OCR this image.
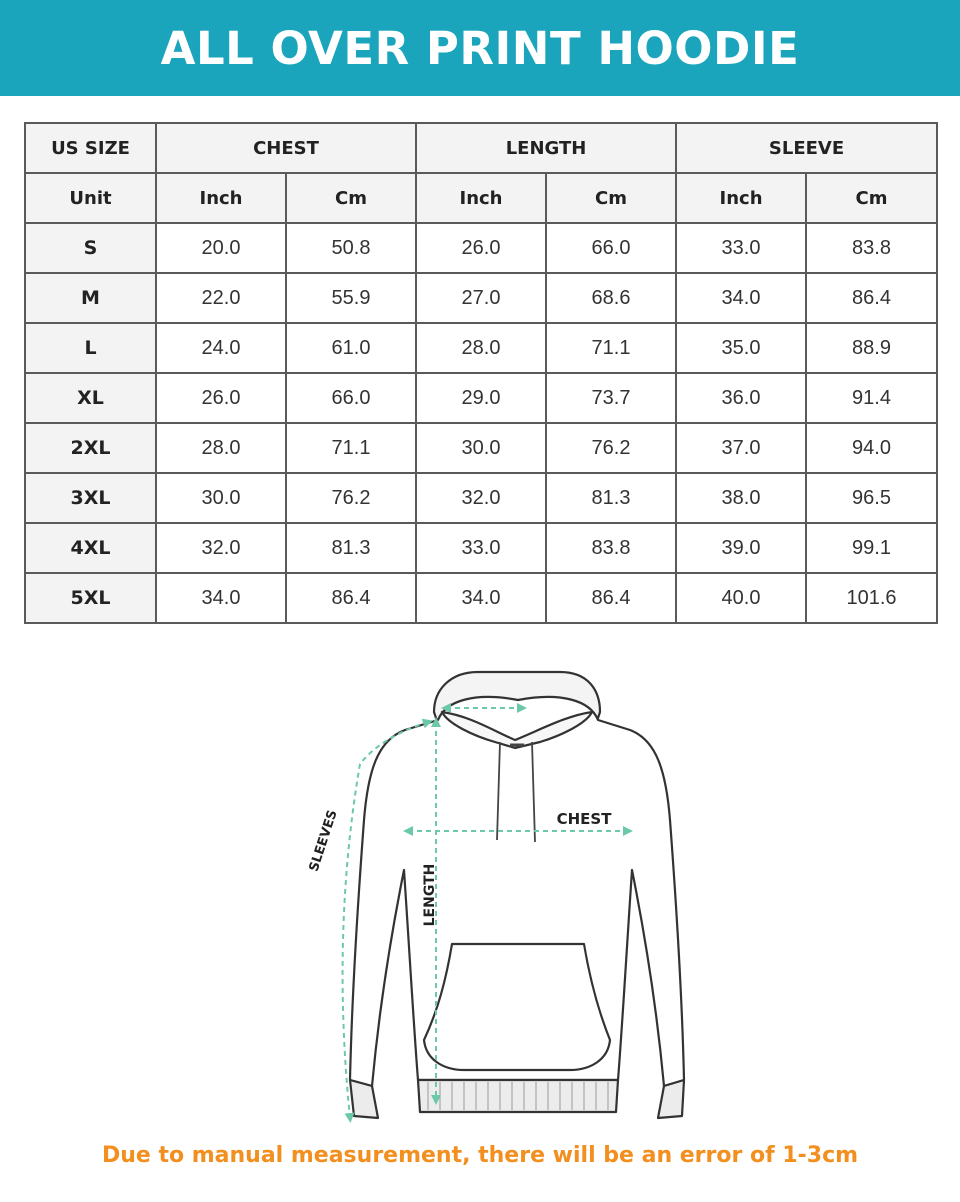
ALL OVER PRINT HOODIE
US SIZE	CHEST		LENGTH		SLEEVE	
Unit	Inch	Cm	Inch	Cm	Inch	Cm
S	20.0	50.8	26.0	66.0	33.0	83.8
M	22.0	55.9	27.0	68.6	34.0	86.4
L	24.0	61.0	28.0	71.1	35.0	88.9
XL	26.0	66.0	29.0	73.7	36.0	91.4
2XL	28.0	71.1	30.0	76.2	37.0	94.0
3XL	30.0	76.2	32.0	81.3	38.0	96.5
4XL	32.0	81.3	33.0	83.8	39.0	99.1
5XL	34.0	86.4	34.0	86.4	40.0	101.6
CHEST
LENGTH
SLEEVES
Due to manual measurement, there will be an error of 1-3cm
